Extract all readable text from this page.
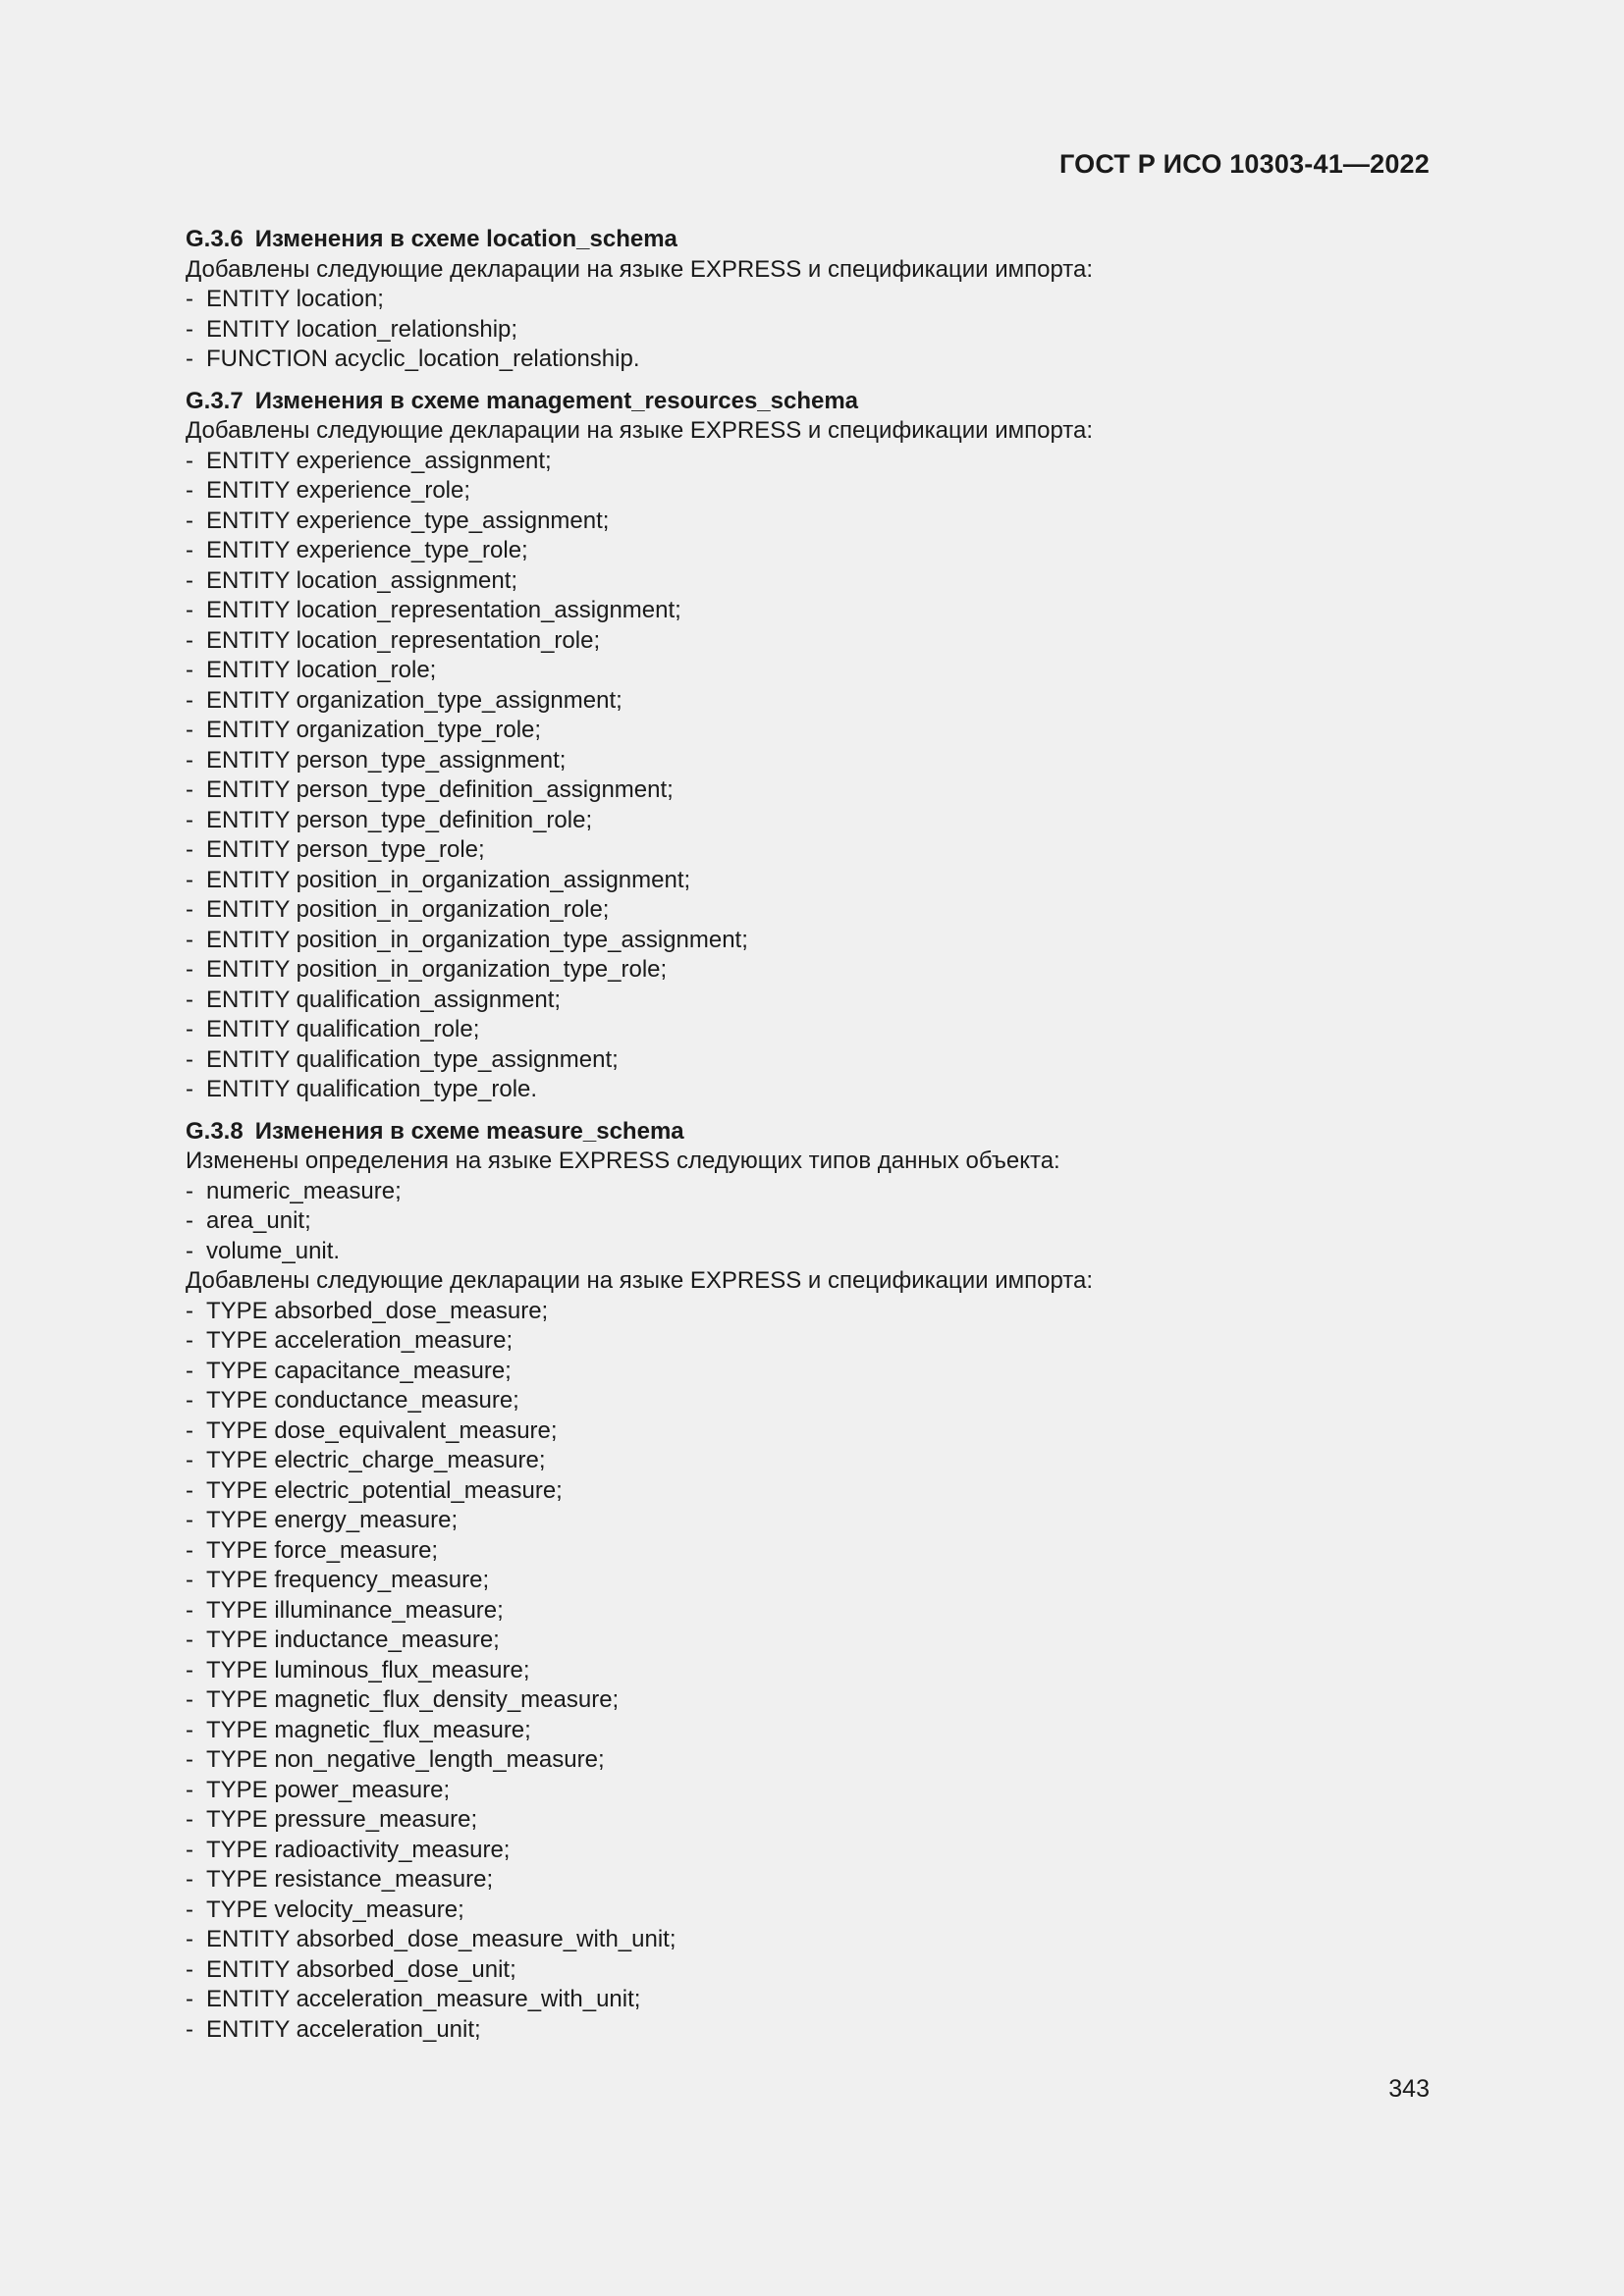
ГОСТ Р ИСО 10303-41—2022
G.3.6 Изменения в схеме location_schema
Добавлены следующие декларации на языке EXPRESS и спецификации импорта:
- ENTITY location;
- ENTITY location_relationship;
- FUNCTION acyclic_location_relationship.
G.3.7 Изменения в схеме management_resources_schema
Добавлены следующие декларации на языке EXPRESS и спецификации импорта:
- ENTITY experience_assignment;
- ENTITY experience_role;
- ENTITY experience_type_assignment;
- ENTITY experience_type_role;
- ENTITY location_assignment;
- ENTITY location_representation_assignment;
- ENTITY location_representation_role;
- ENTITY location_role;
- ENTITY organization_type_assignment;
- ENTITY organization_type_role;
- ENTITY person_type_assignment;
- ENTITY person_type_definition_assignment;
- ENTITY person_type_definition_role;
- ENTITY person_type_role;
- ENTITY position_in_organization_assignment;
- ENTITY position_in_organization_role;
- ENTITY position_in_organization_type_assignment;
- ENTITY position_in_organization_type_role;
- ENTITY qualification_assignment;
- ENTITY qualification_role;
- ENTITY qualification_type_assignment;
- ENTITY qualification_type_role.
G.3.8 Изменения в схеме measure_schema
Изменены определения на языке EXPRESS следующих типов данных объекта:
- numeric_measure;
- area_unit;
- volume_unit.
Добавлены следующие декларации на языке EXPRESS и спецификации импорта:
- TYPE absorbed_dose_measure;
- TYPE acceleration_measure;
- TYPE capacitance_measure;
- TYPE conductance_measure;
- TYPE dose_equivalent_measure;
- TYPE electric_charge_measure;
- TYPE electric_potential_measure;
- TYPE energy_measure;
- TYPE force_measure;
- TYPE frequency_measure;
- TYPE illuminance_measure;
- TYPE inductance_measure;
- TYPE luminous_flux_measure;
- TYPE magnetic_flux_density_measure;
- TYPE magnetic_flux_measure;
- TYPE non_negative_length_measure;
- TYPE power_measure;
- TYPE pressure_measure;
- TYPE radioactivity_measure;
- TYPE resistance_measure;
- TYPE velocity_measure;
- ENTITY absorbed_dose_measure_with_unit;
- ENTITY absorbed_dose_unit;
- ENTITY acceleration_measure_with_unit;
- ENTITY acceleration_unit;
343
